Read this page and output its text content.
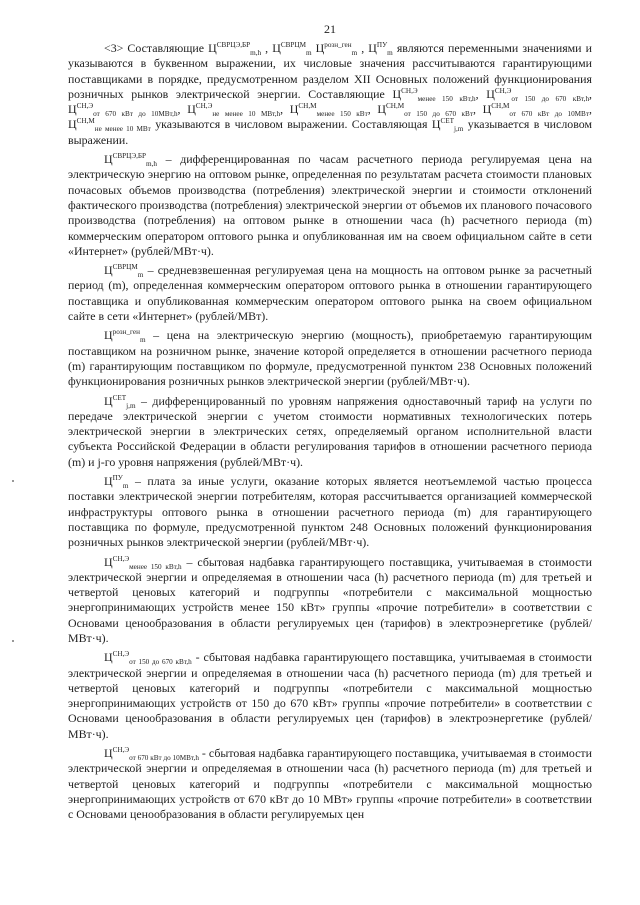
21

<3> Составляющие $Ц^{СВРЦЭ,БР}_{m,h}$ , $Ц^{СВРЦМ}_m$ $Ц^{розн\_ген}_m$ , $Ц^{ПУ}_m$ являются переменными значениями и указываются в буквенном выражении, их числовые значения рассчитываются гарантирующими поставщиками в порядке, предусмотренном разделом XII Основных положений функционирования розничных рынков электрической энергии. Составляющие $Ц^{СН,Э}_{менее 150 кВт,h}$, $Ц^{СН,Э}_{от 150 до 670 кВт,h}$, $Ц^{СН,Э}_{от 670 кВт до 10МВт,h}$, $Ц^{СН,Э}_{не менее 10 МВт,h}$, $Ц^{СН,М}_{менее 150 кВт}$, $Ц^{СН,М}_{от 150 до 670 кВт}$, $Ц^{СН,М}_{от 670 кВт до 10МВт}$, $Ц^{СН,М}_{не менее 10 МВт}$ указываются в числовом выражении. Составляющая $Ц^{СЕТ}_{j,m}$ указывается в числовом выражении.

$Ц^{СВРЦЭ,БР}_{m,h}$ – дифференцированная по часам расчетного периода регулируемая цена на электрическую энергию на оптовом рынке, определенная по результатам расчета стоимости плановых почасовых объемов производства (потребления) электрической энергии и стоимости отклонений фактического производства (потребления) электрической энергии от объемов их планового почасового производства (потребления) на оптовом рынке в отношении часа (h) расчетного периода (m) коммерческим оператором оптового рынка и опубликованная им на своем официальном сайте в сети «Интернет» (рублей/МВт·ч).

$Ц^{СВРЦМ}_m$ – средневзвешенная регулируемая цена на мощность на оптовом рынке за расчетный период (m), определенная коммерческим оператором оптового рынка в отношении гарантирующего поставщика и опубликованная коммерческим оператором оптового рынка на своем официальном сайте в сети «Интернет» (рублей/МВт).

$Ц^{розн\_ген}_m$ – цена на электрическую энергию (мощность), приобретаемую гарантирующим поставщиком на розничном рынке, значение которой определяется в отношении расчетного периода (m) гарантирующим поставщиком по формуле, предусмотренной пунктом 238 Основных положений функционирования розничных рынков электрической энергии (рублей/МВт·ч).

$Ц^{СЕТ}_{j,m}$ – дифференцированный по уровням напряжения одноставочный тариф на услуги по передаче электрической энергии с учетом стоимости нормативных технологических потерь электрической энергии в электрических сетях, определяемый органом исполнительной власти субъекта Российской Федерации в области регулирования тарифов в отношении расчетного периода (m) и j-го уровня напряжения (рублей/МВт·ч).

$Ц^{ПУ}_m$ – плата за иные услуги, оказание которых является неотъемлемой частью процесса поставки электрической энергии потребителям, которая рассчитывается организацией коммерческой инфраструктуры оптового рынка в отношении расчетного периода (m) для гарантирующего поставщика по формуле, предусмотренной пунктом 248 Основных положений функционирования розничных рынков электрической энергии (рублей/МВт·ч).

$Ц^{СН,Э}_{менее 150 кВт,h}$ – сбытовая надбавка гарантирующего поставщика, учитываемая в стоимости электрической энергии и определяемая в отношении часа (h) расчетного периода (m) для третьей и четвертой ценовых категорий и подгруппы «потребители с максимальной мощностью энергопринимающих устройств менее 150 кВт» группы «прочие потребители» в соответствии с Основами ценообразования в области регулируемых цен (тарифов) в электроэнергетике (рублей/МВт·ч).

$Ц^{СН,Э}_{от 150 до 670 кВт,h}$ - сбытовая надбавка гарантирующего поставщика, учитываемая в стоимости электрической энергии и определяемая в отношении часа (h) расчетного периода (m) для третьей и четвертой ценовых категорий и подгруппы «потребители с максимальной мощностью энергопринимающих устройств от 150 до 670 кВт» группы «прочие потребители» в соответствии с Основами ценообразования в области регулируемых цен (тарифов) в электроэнергетике (рублей/МВт·ч).

$Ц^{СН,Э}_{от 670 кВт до 10МВт,h}$ - сбытовая надбавка гарантирующего поставщика, учитываемая в стоимости электрической энергии и определяемая в отношении часа (h) расчетного периода (m) для третьей и четвертой ценовых категорий и подгруппы «потребители с максимальной мощностью энергопринимающих устройств от 670 кВт до 10 МВт» группы «прочие потребители» в соответствии с Основами ценообразования в области регулируемых цен
